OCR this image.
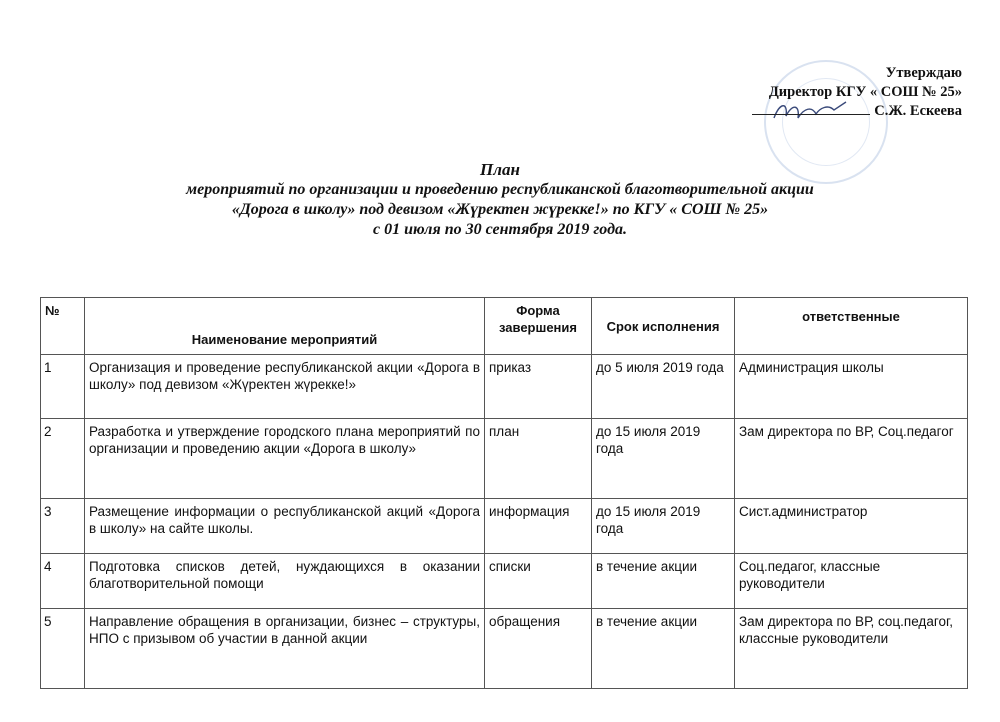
Утверждаю
Директор КГУ « СОШ № 25»
С.Ж. Ескеева
План
мероприятий по организации и проведению республиканской благотворительной акции
«Дорога в школу» под девизом «Жүректен жүрекке!» по КГУ « СОШ № 25»
с 01 июля по 30 сентября 2019 года.
№	Наименование мероприятий	Форма завершения	Срок исполнения	ответственные
1	Организация и проведение республиканской акции «Дорога в школу» под девизом «Жүректен жүрекке!»	приказ	до 5 июля 2019 года	Администрация школы
2	Разработка и утверждение городского плана мероприятий по организации и проведению акции «Дорога в школу»	план	до 15 июля 2019 года	Зам директора по ВР, Соц.педагог
3	Размещение информации о республиканской акций «Дорога в школу» на сайте школы.	информация	до 15 июля 2019 года	Сист.администратор
4	Подготовка списков детей, нуждающихся в оказании благотворительной помощи	списки	в течение акции	Соц.педагог, классные руководители
5	Направление обращения в организации, бизнес – структуры, НПО с призывом об участии в данной акции	обращения	в течение акции	Зам директора по ВР, соц.педагог, классные руководители
